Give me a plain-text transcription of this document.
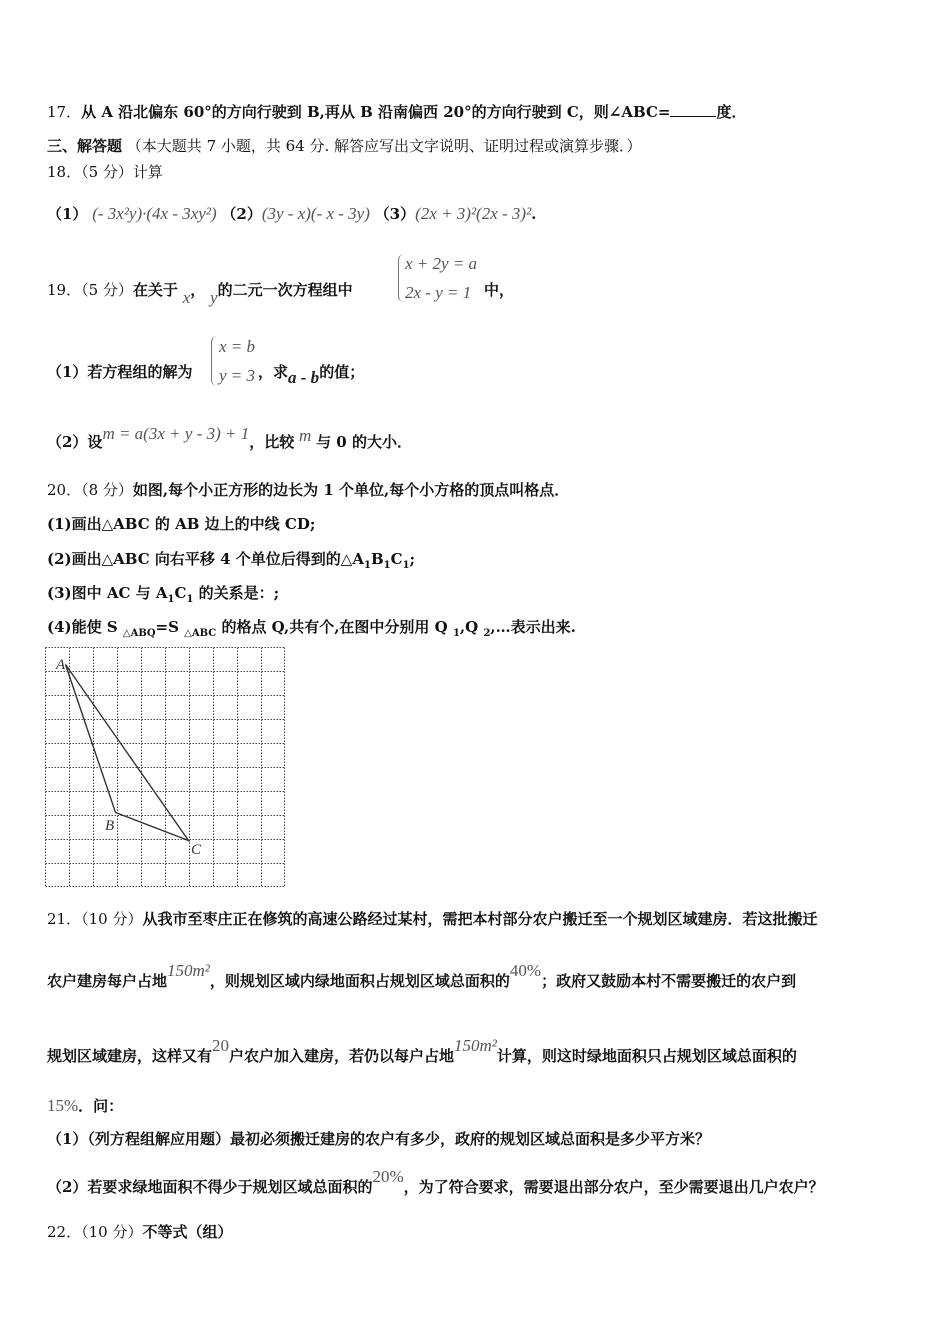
17．从 A 沿北偏东 60°的方向行驶到 B,再从 B 沿南偏西 20°的方向行驶到 C，则∠ABC=	度．
三、解答题 （本大题共 7 小题，共 64 分. 解答应写出文字说明、证明过程或演算步骤．）
18．（5 分）计算
（1） (- 3x²y)·(4x - 3xy²) （2）(3y - x)(- x - 3y) （3）(2x + 3)²(2x - 3)².
19．（5 分）在关于 x， y的二元一次方程组中
x + 2y = a
2x - y = 1 中，
（1）若方程组的解为
x = b
y = 3 ，求a - b的值；
（2）设m = a(3x + y - 3) + 1，比较 m 与 0 的大小．
20．（8 分）如图,每个小正方形的边长为 1 个单位,每个小方格的顶点叫格点．
(1)画出△ABC 的 AB 边上的中线 CD;
(2)画出△ABC 向右平移 4 个单位后得到的$\triangle A_1B_1C_1$;
(3)图中 AC 与 $A_1C_1$ 的关系是：;
(4)能使 S $_{\triangle ABQ}$=S $_{\triangle ABC}$ 的格点 Q,共有个,在图中分别用 Q $_1$,Q $_2$,…表示出来.
A
B
C
21．（10 分）从我市至枣庄正在修筑的高速公路经过某村，需把本村部分农户搬迁至一个规划区域建房．若这批搬迁
农户建房每户占地150m²，则规划区域内绿地面积占规划区域总面积的40%；政府又鼓励本村不需要搬迁的农户到
规划区域建房，这样又有20户农户加入建房，若仍以每户占地150m²计算，则这时绿地面积只占规划区域总面积的
15%．问：
（1）（列方程组解应用题）最初必须搬迁建房的农户有多少，政府的规划区域总面积是多少平方米？
（2）若要求绿地面积不得少于规划区域总面积的20%，为了符合要求，需要退出部分农户，至少需要退出几户农户？
22．（10 分）不等式（组）
